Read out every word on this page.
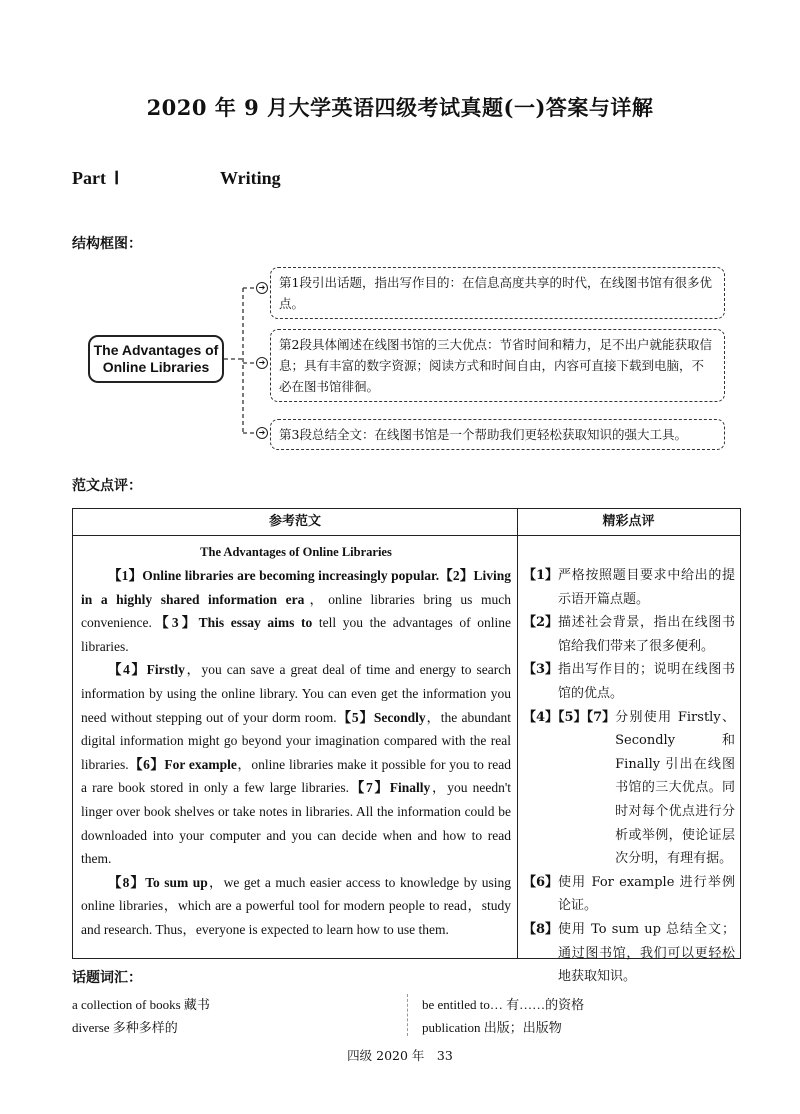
2020 年 9 月大学英语四级考试真题(一)答案与详解
Part Ⅰ	Writing
结构框图：
The Advantages of Online Libraries
➔
➔
➔
第1段引出话题，指出写作目的：在信息高度共享的时代，在线图书馆有很多优点。
第2段具体阐述在线图书馆的三大优点：节省时间和精力，足不出户就能获取信息；具有丰富的数字资源；阅读方式和时间自由，内容可直接下载到电脑，不必在图书馆徘徊。
第3段总结全文：在线图书馆是一个帮助我们更轻松获取知识的强大工具。
范文点评：
参考范文	精彩点评
The Advantages of Online Libraries

【1】Online libraries are becoming increasingly popular.【2】Living in a highly shared information era，online libraries bring us much convenience.【3】This essay aims to tell you the advantages of online libraries.

【4】Firstly，you can save a great deal of time and energy to search information by using the online library. You can even get the information you need without stepping out of your dorm room.【5】Secondly，the abundant digital information might go beyond your imagination compared with the real libraries.【6】For example，online libraries make it possible for you to read a rare book stored in only a few large libraries.【7】Finally，you needn't linger over book shelves or take notes in libraries. All the information could be downloaded into your computer and you can decide when and how to read them.

【8】To sum up，we get a much easier access to knowledge by using online libraries，which are a powerful tool for modern people to read，study and research. Thus，everyone is expected to learn how to use them.

【1】 严格按照题目要求中给出的提示语开篇点题。
【2】 描述社会背景，指出在线图书馆给我们带来了很多便利。
【3】 指出写作目的；说明在线图书馆的优点。
【4】【5】【7】 分别使用 Firstly、Secondly 和 Finally 引出在线图书馆的三大优点。同时对每个优点进行分析或举例，使论证层次分明，有理有据。
【6】 使用 For example 进行举例论证。
【8】 使用 To sum up 总结全文；通过图书馆，我们可以更轻松地获取知识。
话题词汇：
a collection of books 藏书
diverse 多种多样的
be entitled to… 有……的资格
publication 出版；出版物
四级 2020 年　33
